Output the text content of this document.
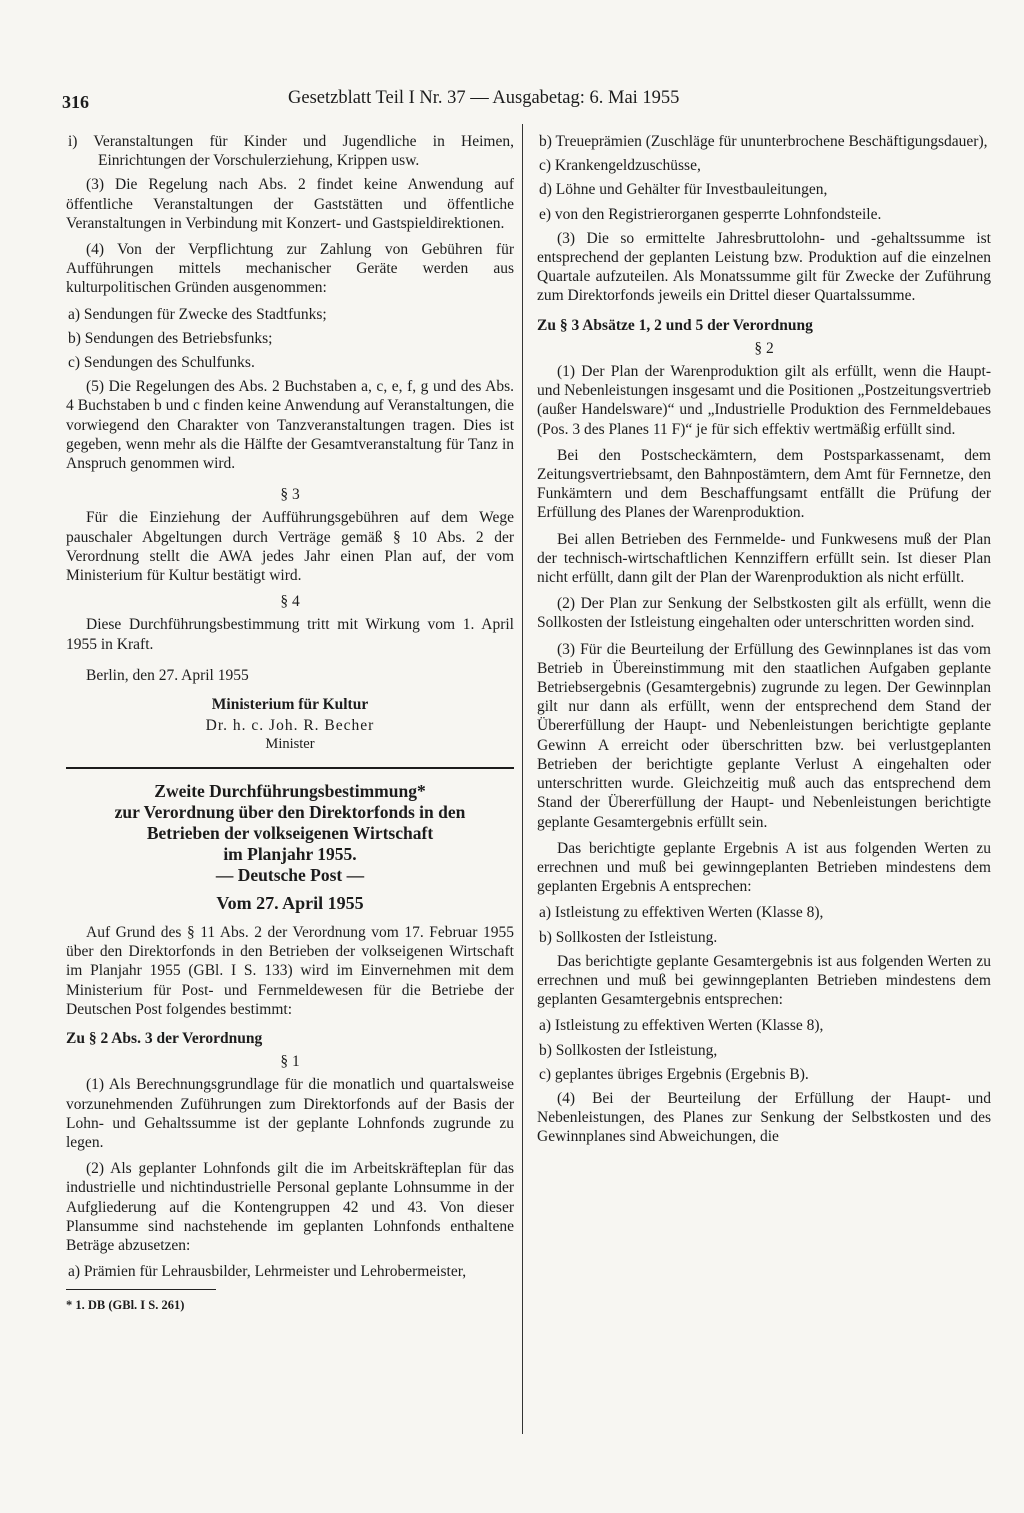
316	Gesetzblatt Teil I Nr. 37 — Ausgabetag: 6. Mai 1955

i) Veranstaltungen für Kinder und Jugendliche in Heimen, Einrichtungen der Vorschulerziehung, Krippen usw.

(3) Die Regelung nach Abs. 2 findet keine Anwendung auf öffentliche Veranstaltungen der Gaststätten und öffentliche Veranstaltungen in Verbindung mit Konzert- und Gastspieldirektionen.

(4) Von der Verpflichtung zur Zahlung von Gebühren für Aufführungen mittels mechanischer Geräte werden aus kulturpolitischen Gründen ausgenommen:

a) Sendungen für Zwecke des Stadtfunks;

b) Sendungen des Betriebsfunks;

c) Sendungen des Schulfunks.

(5) Die Regelungen des Abs. 2 Buchstaben a, c, e, f, g und des Abs. 4 Buchstaben b und c finden keine Anwendung auf Veranstaltungen, die vorwiegend den Charakter von Tanzveranstaltungen tragen. Dies ist gegeben, wenn mehr als die Hälfte der Gesamtveranstaltung für Tanz in Anspruch genommen wird.

§ 3

Für die Einziehung der Aufführungsgebühren auf dem Wege pauschaler Abgeltungen durch Verträge gemäß § 10 Abs. 2 der Verordnung stellt die AWA jedes Jahr einen Plan auf, der vom Ministerium für Kultur bestätigt wird.

§ 4

Diese Durchführungsbestimmung tritt mit Wirkung vom 1. April 1955 in Kraft.

Berlin, den 27. April 1955

Ministerium für Kultur

Dr. h. c. Joh. R. Becher

Minister

Zweite Durchführungsbestimmung*
zur Verordnung über den Direktorfonds in den
Betrieben der volkseigenen Wirtschaft
im Planjahr 1955.
— Deutsche Post —

Vom 27. April 1955

Auf Grund des § 11 Abs. 2 der Verordnung vom 17. Februar 1955 über den Direktorfonds in den Betrieben der volkseigenen Wirtschaft im Planjahr 1955 (GBl. I S. 133) wird im Einvernehmen mit dem Ministerium für Post- und Fernmeldewesen für die Betriebe der Deutschen Post folgendes bestimmt:

Zu § 2 Abs. 3 der Verordnung

§ 1

(1) Als Berechnungsgrundlage für die monatlich und quartalsweise vorzunehmenden Zuführungen zum Direktorfonds auf der Basis der Lohn- und Gehaltssumme ist der geplante Lohnfonds zugrunde zu legen.

(2) Als geplanter Lohnfonds gilt die im Arbeitskräfteplan für das industrielle und nichtindustrielle Personal geplante Lohnsumme in der Aufgliederung auf die Kontengruppen 42 und 43. Von dieser Plansumme sind nachstehende im geplanten Lohnfonds enthaltene Beträge abzusetzen:

a) Prämien für Lehrausbilder, Lehrmeister und Lehrobermeister,

* 1. DB (GBl. I S. 261)

b) Treueprämien (Zuschläge für ununterbrochene Beschäftigungsdauer),

c) Krankengeldzuschüsse,

d) Löhne und Gehälter für Investbauleitungen,

e) von den Registrierorganen gesperrte Lohnfondsteile.

(3) Die so ermittelte Jahresbruttolohn- und -gehaltssumme ist entsprechend der geplanten Leistung bzw. Produktion auf die einzelnen Quartale aufzuteilen. Als Monatssumme gilt für Zwecke der Zuführung zum Direktorfonds jeweils ein Drittel dieser Quartalssumme.

Zu § 3 Absätze 1, 2 und 5 der Verordnung

§ 2

(1) Der Plan der Warenproduktion gilt als erfüllt, wenn die Haupt- und Nebenleistungen insgesamt und die Positionen „Postzeitungsvertrieb (außer Handelsware)“ und „Industrielle Produktion des Fernmeldebaues (Pos. 3 des Planes 11 F)“ je für sich effektiv wertmäßig erfüllt sind.

Bei den Postscheckämtern, dem Postsparkassenamt, dem Zeitungsvertriebsamt, den Bahnpostämtern, dem Amt für Fernnetze, den Funkämtern und dem Beschaffungsamt entfällt die Prüfung der Erfüllung des Planes der Warenproduktion.

Bei allen Betrieben des Fernmelde- und Funkwesens muß der Plan der technisch-wirtschaftlichen Kennziffern erfüllt sein. Ist dieser Plan nicht erfüllt, dann gilt der Plan der Warenproduktion als nicht erfüllt.

(2) Der Plan zur Senkung der Selbstkosten gilt als erfüllt, wenn die Sollkosten der Istleistung eingehalten oder unterschritten worden sind.

(3) Für die Beurteilung der Erfüllung des Gewinnplanes ist das vom Betrieb in Übereinstimmung mit den staatlichen Aufgaben geplante Betriebsergebnis (Gesamtergebnis) zugrunde zu legen. Der Gewinnplan gilt nur dann als erfüllt, wenn der entsprechend dem Stand der Übererfüllung der Haupt- und Nebenleistungen berichtigte geplante Gewinn A erreicht oder überschritten bzw. bei verlustgeplanten Betrieben der berichtigte geplante Verlust A eingehalten oder unterschritten wurde. Gleichzeitig muß auch das entsprechend dem Stand der Übererfüllung der Haupt- und Nebenleistungen berichtigte geplante Gesamtergebnis erfüllt sein.

Das berichtigte geplante Ergebnis A ist aus folgenden Werten zu errechnen und muß bei gewinngeplanten Betrieben mindestens dem geplanten Ergebnis A entsprechen:

a) Istleistung zu effektiven Werten (Klasse 8),

b) Sollkosten der Istleistung.

Das berichtigte geplante Gesamtergebnis ist aus folgenden Werten zu errechnen und muß bei gewinngeplanten Betrieben mindestens dem geplanten Gesamtergebnis entsprechen:

a) Istleistung zu effektiven Werten (Klasse 8),

b) Sollkosten der Istleistung,

c) geplantes übriges Ergebnis (Ergebnis B).

(4) Bei der Beurteilung der Erfüllung der Haupt- und Nebenleistungen, des Planes zur Senkung der Selbstkosten und des Gewinnplanes sind Abweichungen, die
